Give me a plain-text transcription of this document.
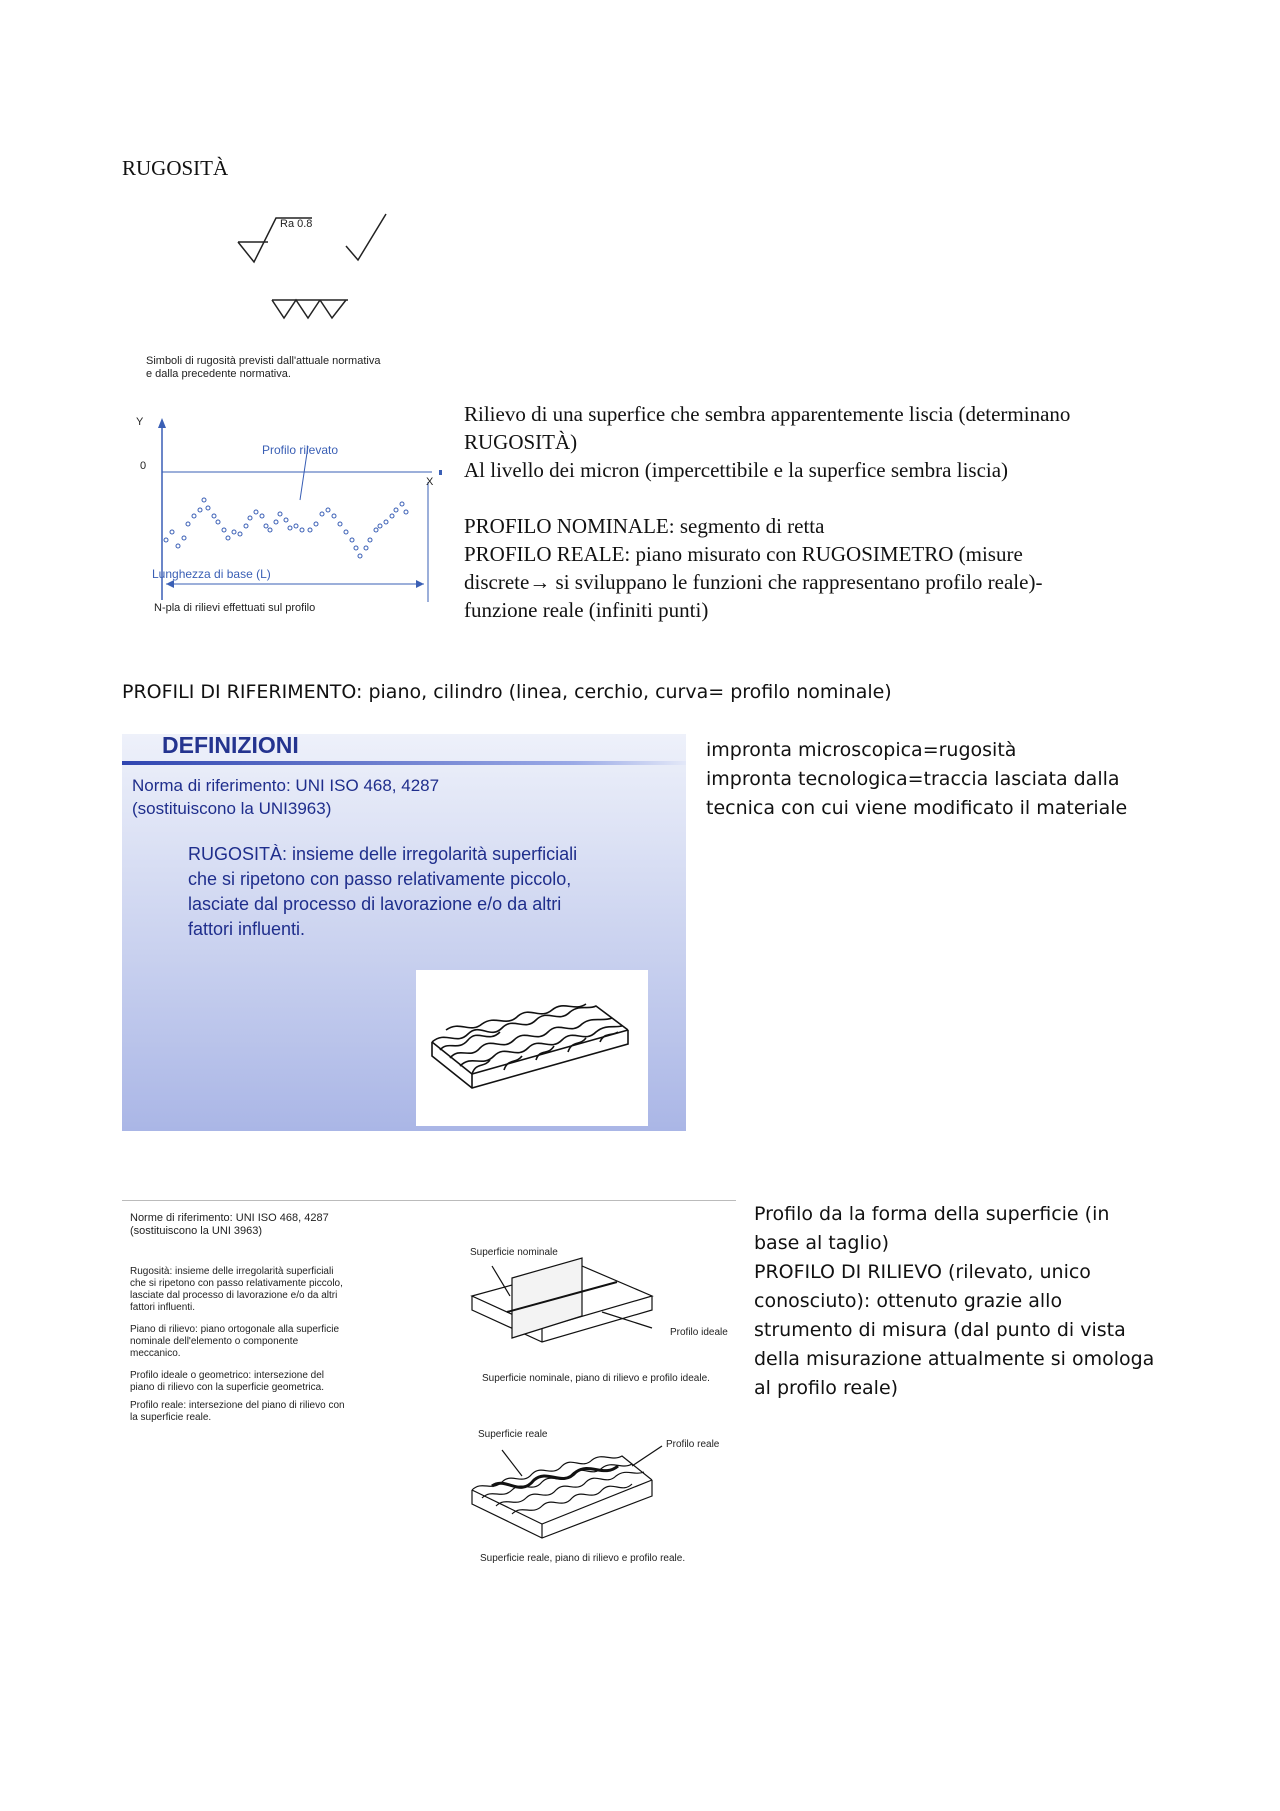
RUGOSITÀ
Ra 0.8
Simboli di rugosità previsti dall'attuale normativa
e dalla precedente normativa.
Y
0
X
Profilo rilevato
Lunghezza di base (L)
N-pla di rilievi effettuati sul profilo
Rilievo di una superfice che sembra apparentemente liscia (determinano
RUGOSITÀ)
Al livello dei micron (impercettibile e la superfice sembra liscia)
PROFILO NOMINALE: segmento di retta
PROFILO REALE: piano misurato con RUGOSIMETRO (misure
discrete→ si sviluppano le funzioni che rappresentano profilo reale)-
funzione reale (infiniti punti)
PROFILI DI RIFERIMENTO: piano, cilindro (linea, cerchio, curva= profilo nominale)
DEFINIZIONI
Norma di riferimento: UNI ISO 468, 4287
(sostituiscono la UNI3963)
RUGOSITÀ: insieme delle irregolarità superficiali
che si ripetono con passo relativamente piccolo,
lasciate dal processo di lavorazione e/o da altri
fattori influenti.
impronta microscopica=rugosità
impronta tecnologica=traccia lasciata dalla
tecnica con cui viene modificato il materiale
Norme di riferimento: UNI ISO 468, 4287
(sostituiscono la UNI 3963)
Rugosità: insieme delle irregolarità superficiali
che si ripetono con passo relativamente piccolo,
lasciate dal processo di lavorazione e/o da altri
fattori influenti.
Piano di rilievo: piano ortogonale alla superficie
nominale dell'elemento o componente
meccanico.
Profilo ideale o geometrico: intersezione del
piano di rilievo con la superficie geometrica.
Profilo reale: intersezione del piano di rilievo con
la superficie reale.
Superficie nominale
Profilo ideale
Superficie nominale, piano di rilievo e profilo ideale.
Superficie reale
Profilo reale
Superficie reale, piano di rilievo e profilo reale.
Profilo da la forma della superficie (in
base al taglio)
PROFILO DI RILIEVO (rilevato, unico
conosciuto): ottenuto grazie allo
strumento di misura (dal punto di vista
della misurazione attualmente si omologa
al profilo reale)
